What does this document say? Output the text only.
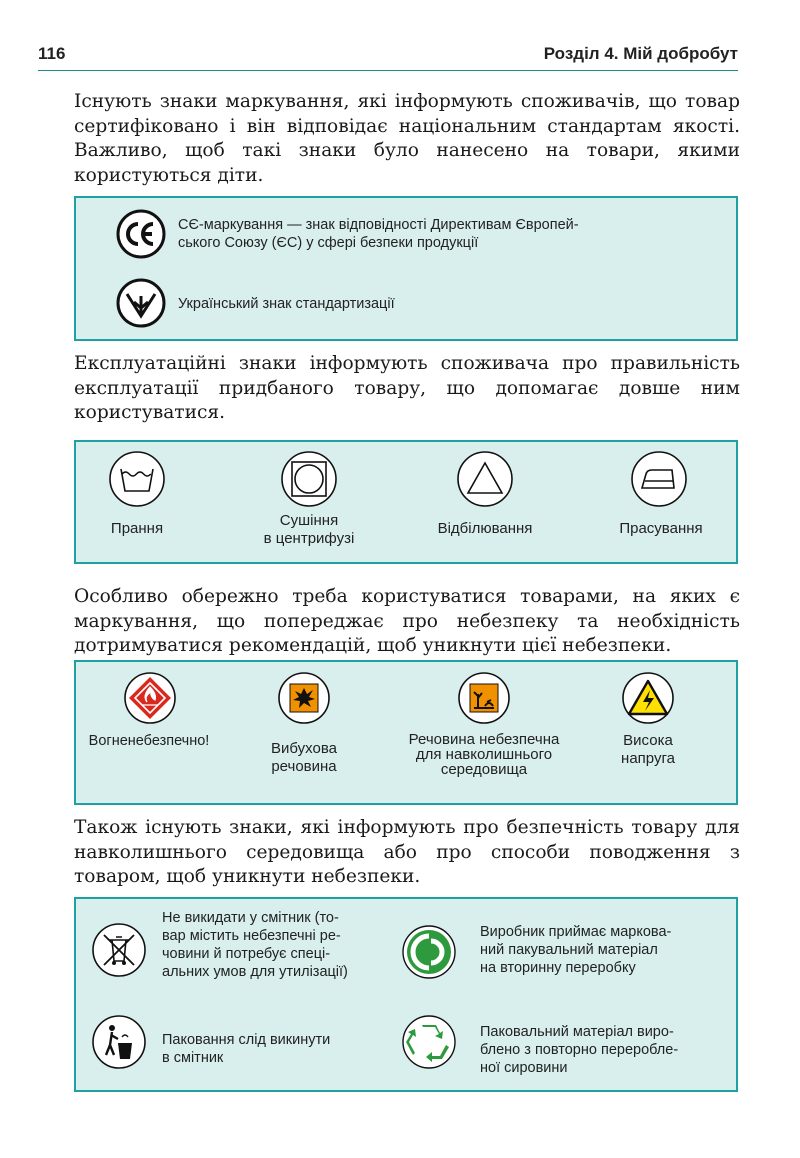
116	Розділ 4. Мій добробут

Існують знаки маркування, які інформують споживачів, що товар сертифіковано і він відповідає національним стандартам якості. Важливо, щоб такі знаки було нанесено на товари, якими користуються діти.

CЄ-маркування — знак відповідності Директивам Європей-
ського Союзу (ЄС) у сфері безпеки продукції
Український знак стандартизації

Експлуатаційні знаки інформують споживача про правильність експлуатації придбаного товару, що допомагає довше ним користуватися.

Прання	Сушіння
в центрифузі
Відбілювання	Прасування

Особливо обережно треба користуватися товарами, на яких є маркування, що попереджає про небезпеку та необхідність дотримуватися рекомендацій, щоб уникнути цієї небезпеки.

Вогненебезпечно!	Вибухова
речовина
Речовина небезпечна
для навколишнього
середовища
Висока
напруга

Також існують знаки, які інформують про безпечність товару для навколишнього середовища або про способи поводження з товаром, щоб уникнути небезпеки.

Не викидати у смітник (то-
вар містить небезпечні ре-
човини й потребує спеці-
альних умов для утилізації)
Виробник приймає маркова-
ний пакувальний матеріал
на вторинну переробку
Паковання слід викинути
в смітник
Паковальний матеріал виро-
блено з повторно перероблe-
ної сировини
